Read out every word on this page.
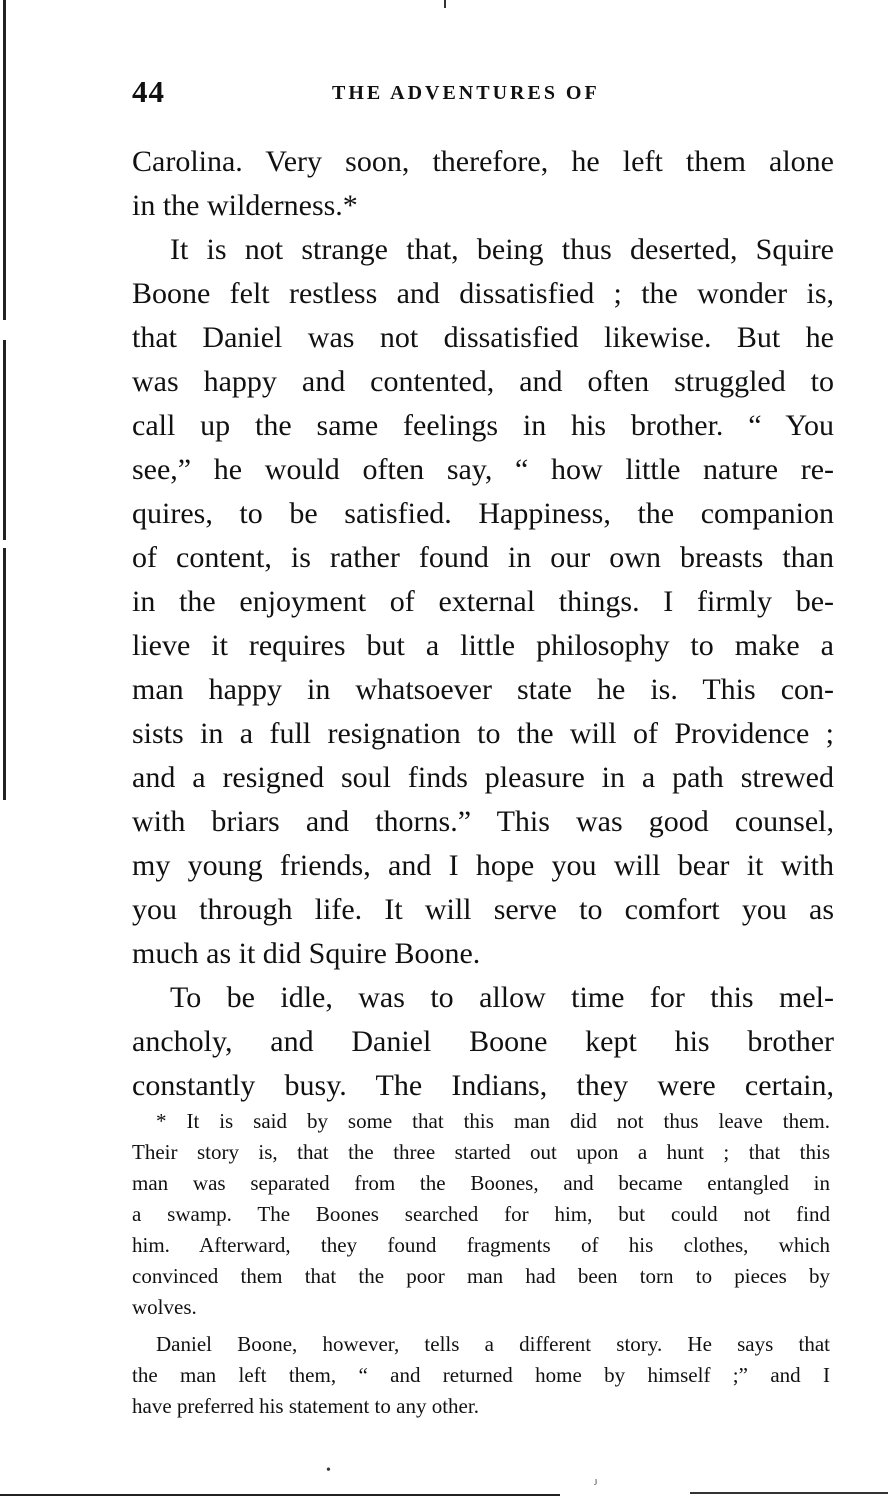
44	THE ADVENTURES OF
Carolina. Very soon, therefore, he left them alone
in the wilderness.*
It is not strange that, being thus deserted, Squire
Boone felt restless and dissatisfied ; the wonder is,
that Daniel was not dissatisfied likewise. But he
was happy and contented, and often struggled to
call up the same feelings in his brother. “ You
see,” he would often say, “ how little nature re-
quires, to be satisfied. Happiness, the companion
of content, is rather found in our own breasts than
in the enjoyment of external things. I firmly be-
lieve it requires but a little philosophy to make a
man happy in whatsoever state he is. This con-
sists in a full resignation to the will of Providence ;
and a resigned soul finds pleasure in a path strewed
with briars and thorns.” This was good counsel,
my young friends, and I hope you will bear it with
you through life. It will serve to comfort you as
much as it did Squire Boone.
To be idle, was to allow time for this mel-
ancholy, and Daniel Boone kept his brother
constantly busy. The Indians, they were certain,
* It is said by some that this man did not thus leave them.
Their story is, that the three started out upon a hunt ; that this
man was separated from the Boones, and became entangled in
a swamp. The Boones searched for him, but could not find
him. Afterward, they found fragments of his clothes, which
convinced them that the poor man had been torn to pieces by
wolves.
Daniel Boone, however, tells a different story. He says that
the man left them, “ and returned home by himself ;” and I
have preferred his statement to any other.
•
ᴶ
